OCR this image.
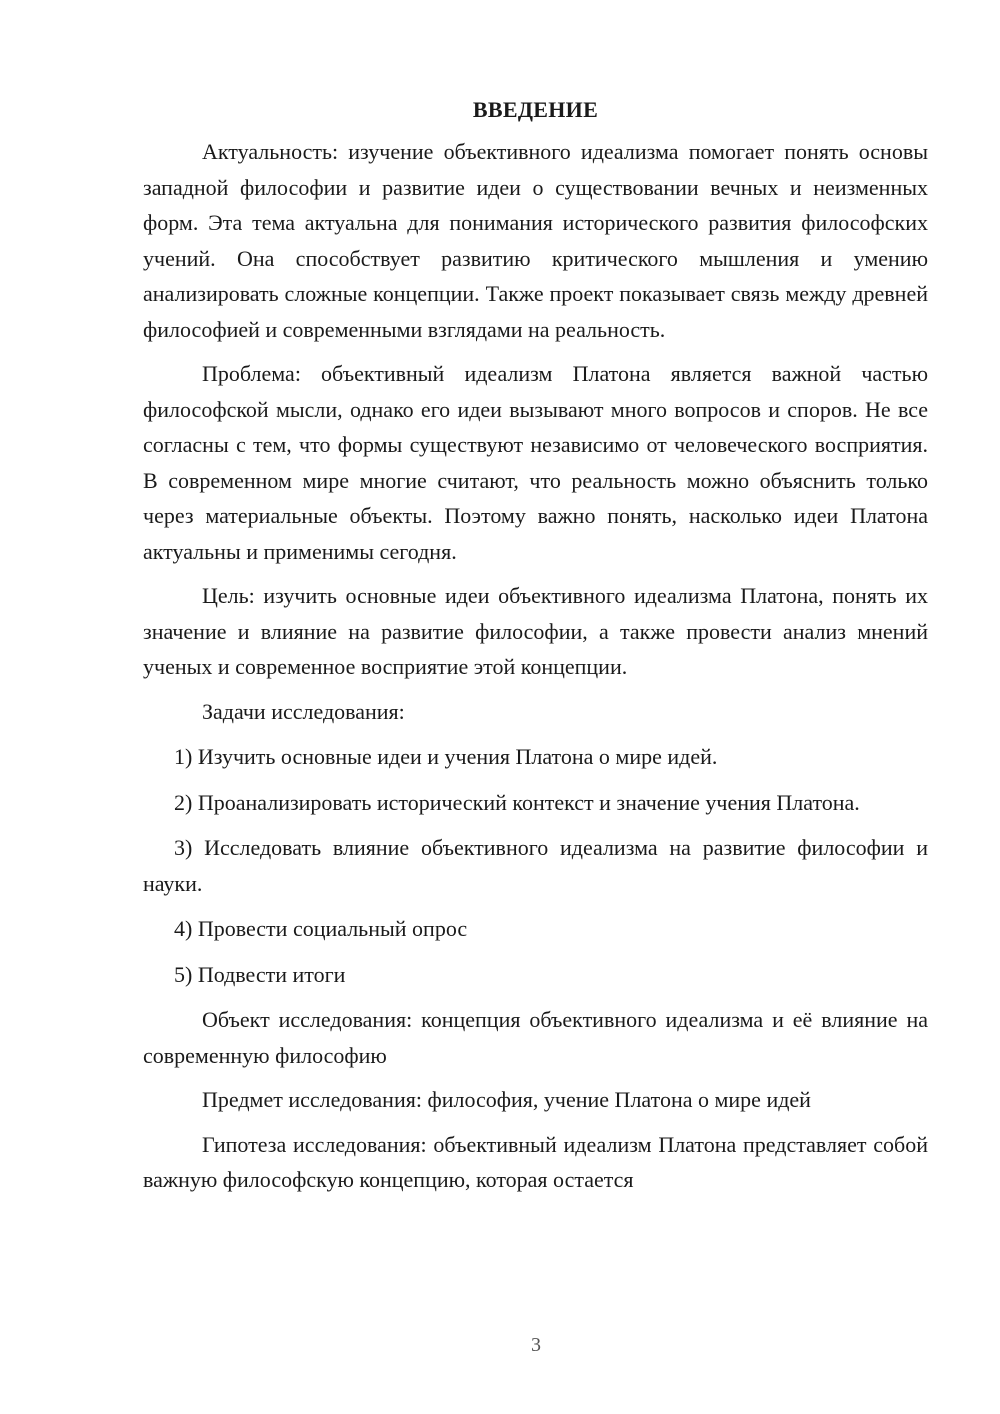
ВВЕДЕНИЕ

Актуальность: изучение объективного идеализма помогает понять основы западной философии и развитие идеи о существовании вечных и неизменных форм. Эта тема актуальна для понимания исторического развития философских учений. Она способствует развитию критического мышления и умению анализировать сложные концепции. Также проект показывает связь между древней философией и современными взглядами на реальность.

Проблема: объективный идеализм Платона является важной частью философской мысли, однако его идеи вызывают много вопросов и споров. Не все согласны с тем, что формы существуют независимо от человеческого восприятия. В современном мире многие считают, что реальность можно объяснить только через материальные объекты. Поэтому важно понять, насколько идеи Платона актуальны и применимы сегодня.

Цель: изучить основные идеи объективного идеализма Платона, понять их значение и влияние на развитие философии, а также провести анализ мнений ученых и современное восприятие этой концепции.

Задачи исследования:

1) Изучить основные идеи и учения Платона о мире идей.

2) Проанализировать исторический контекст и значение учения Платона.

3) Исследовать влияние объективного идеализма на развитие философии и науки.

4) Провести социальный опрос

5) Подвести итоги

Объект исследования: концепция объективного идеализма и её влияние на современную философию

Предмет исследования: философия, учение Платона о мире идей

Гипотеза исследования: объективный идеализм Платона представляет собой важную философскую концепцию, которая остается

3
